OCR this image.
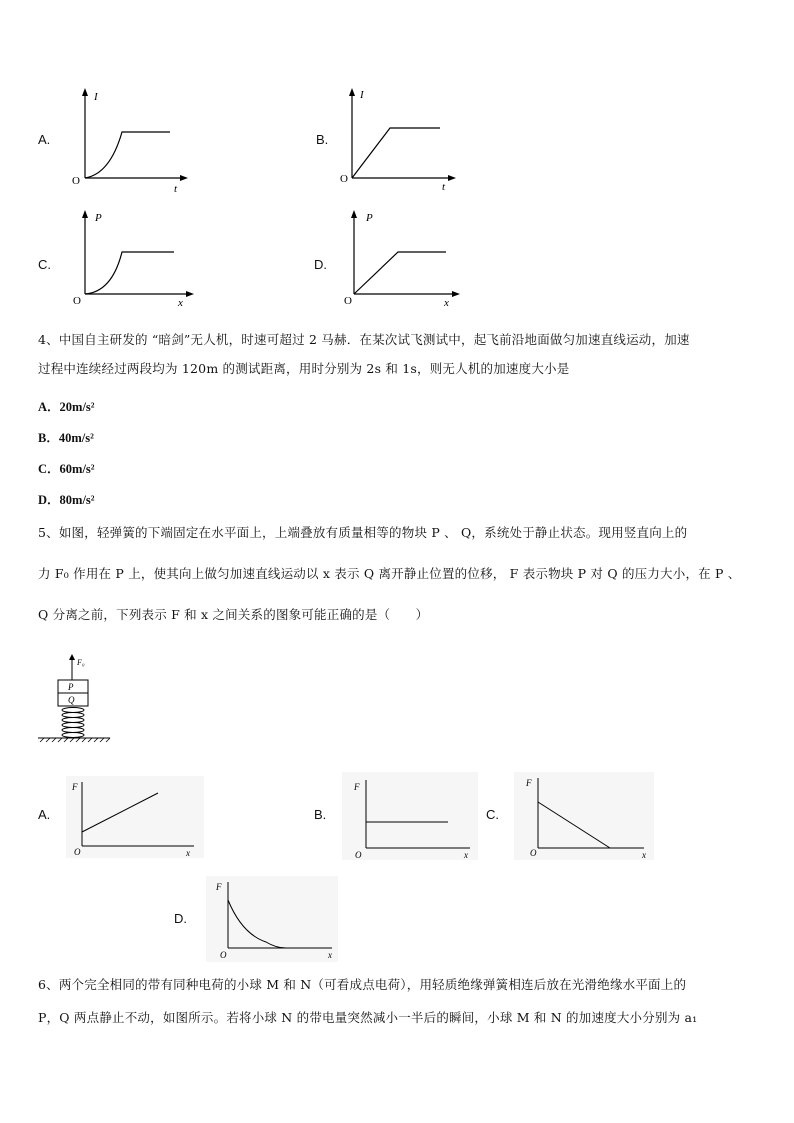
A.
I
t
O
B.
I
t
O
C.
P
x
O
D.
P
x
O
4、中国自主研发的 “暗剑”无人机，时速可超过 2 马赫．在某次试飞测试中，起飞前沿地面做匀加速直线运动，加速
过程中连续经过两段均为 120m 的测试距离，用时分别为 2s 和 1s，则无人机的加速度大小是
A．20m/s²
B．40m/s²
C．60m/s²
D．80m/s²
5、如图，轻弹簧的下端固定在水平面上，上端叠放有质量相等的物块 P 、 Q，系统处于静止状态。现用竖直向上的
力 F₀ 作用在 P 上，使其向上做匀加速直线运动以 x 表示 Q 离开静止位置的位移， F 表示物块 P 对 Q 的压力大小，在 P 、
Q 分离之前，下列表示 F 和 x 之间关系的图象可能正确的是（　　）
F₀
P
Q
A.
F
x
O
B.
F
x
O
C.
F
x
O
D.
F
x
O
6、两个完全相同的带有同种电荷的小球 M 和 N（可看成点电荷），用轻质绝缘弹簧相连后放在光滑绝缘水平面上的
P，Q 两点静止不动，如图所示。若将小球 N 的带电量突然减小一半后的瞬间，小球 M 和 N 的加速度大小分别为 a₁
